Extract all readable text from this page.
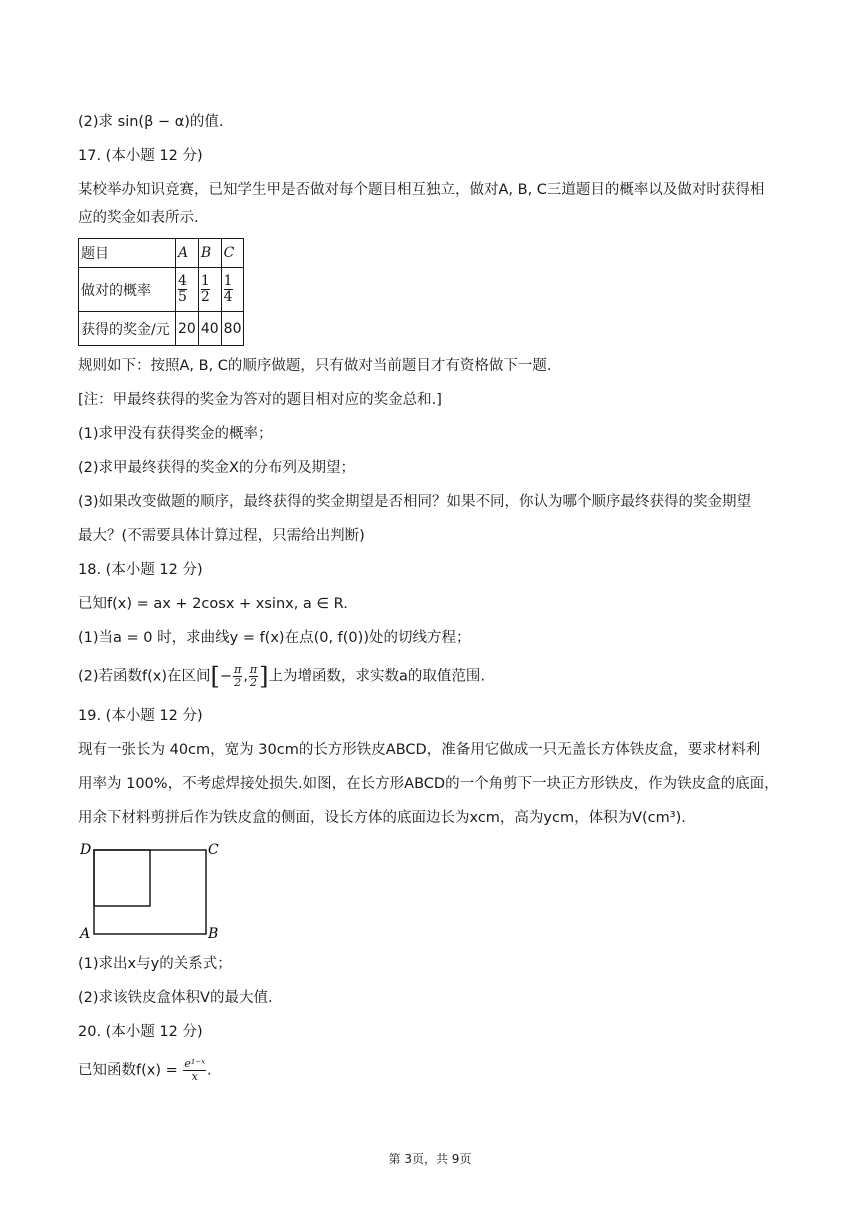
(2)求 sin(β − α)的值.
17. (本小题 12 分)
某校举办知识竞赛，已知学生甲是否做对每个题目相互独立，做对A, B, C三道题目的概率以及做对时获得相
应的奖金如表所示.
题目	A	B	C
做对的概率	$\frac{4}{5}$	$\frac{1}{2}$	$\frac{1}{4}$

获得的奖金/元	20	40	80
规则如下：按照A, B, C的顺序做题，只有做对当前题目才有资格做下一题.
[注：甲最终获得的奖金为答对的题目相对应的奖金总和.]
(1)求甲没有获得奖金的概率；
(2)求甲最终获得的奖金X的分布列及期望；
(3)如果改变做题的顺序，最终获得的奖金期望是否相同？如果不同，你认为哪个顺序最终获得的奖金期望
最大？(不需要具体计算过程，只需给出判断)
18. (本小题 12 分)
已知f(x) = ax + 2cosx + xsinx, a ∈ R.
(1)当a = 0 时，求曲线y = f(x)在点(0, f(0))处的切线方程；
(2)若函数f(x)在区间[− $\frac{\pi}{2}$ , $\frac{\pi}{2}$ ]上为增函数，求实数a的取值范围.
19. (本小题 12 分)
现有一张长为 40cm，宽为 30cm的长方形铁皮ABCD，准备用它做成一只无盖长方体铁皮盒，要求材料利
用率为 100%，不考虑焊接处损失.如图，在长方形ABCD的一个角剪下一块正方形铁皮，作为铁皮盒的底面，
用余下材料剪拼后作为铁皮盒的侧面，设长方体的底面边长为xcm，高为ycm，体积为V(cm³).
D	C
A	B
(1)求出x与y的关系式；
(2)求该铁皮盒体积V的最大值.
20. (本小题 12 分)
已知函数$f(x) = \frac{\text{e¹⁻ˣ}}{x}$ .
第 3页，共 9页
